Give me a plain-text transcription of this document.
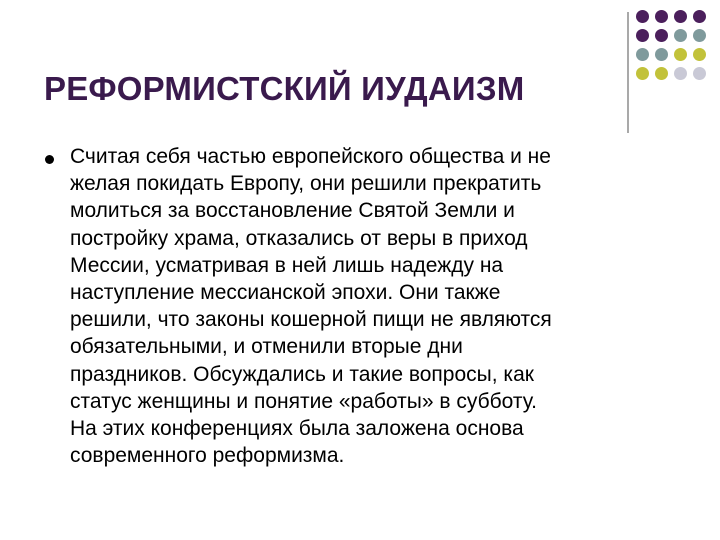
РЕФОРМИСТСКИЙ ИУДАИЗМ
Считая себя частью европейского общества и не
желая покидать Европу, они решили прекратить
молиться за восстановление Святой Земли и
постройку храма, отказались от веры в приход
Мессии, усматривая в ней лишь надежду на
наступление мессианской эпохи. Они также
решили, что законы кошерной пищи не являются
обязательными, и отменили вторые дни
праздников. Обсуждались и такие вопросы, как
статус женщины и понятие «работы» в субботу.
На этих конференциях была заложена основа
современного реформизма.
